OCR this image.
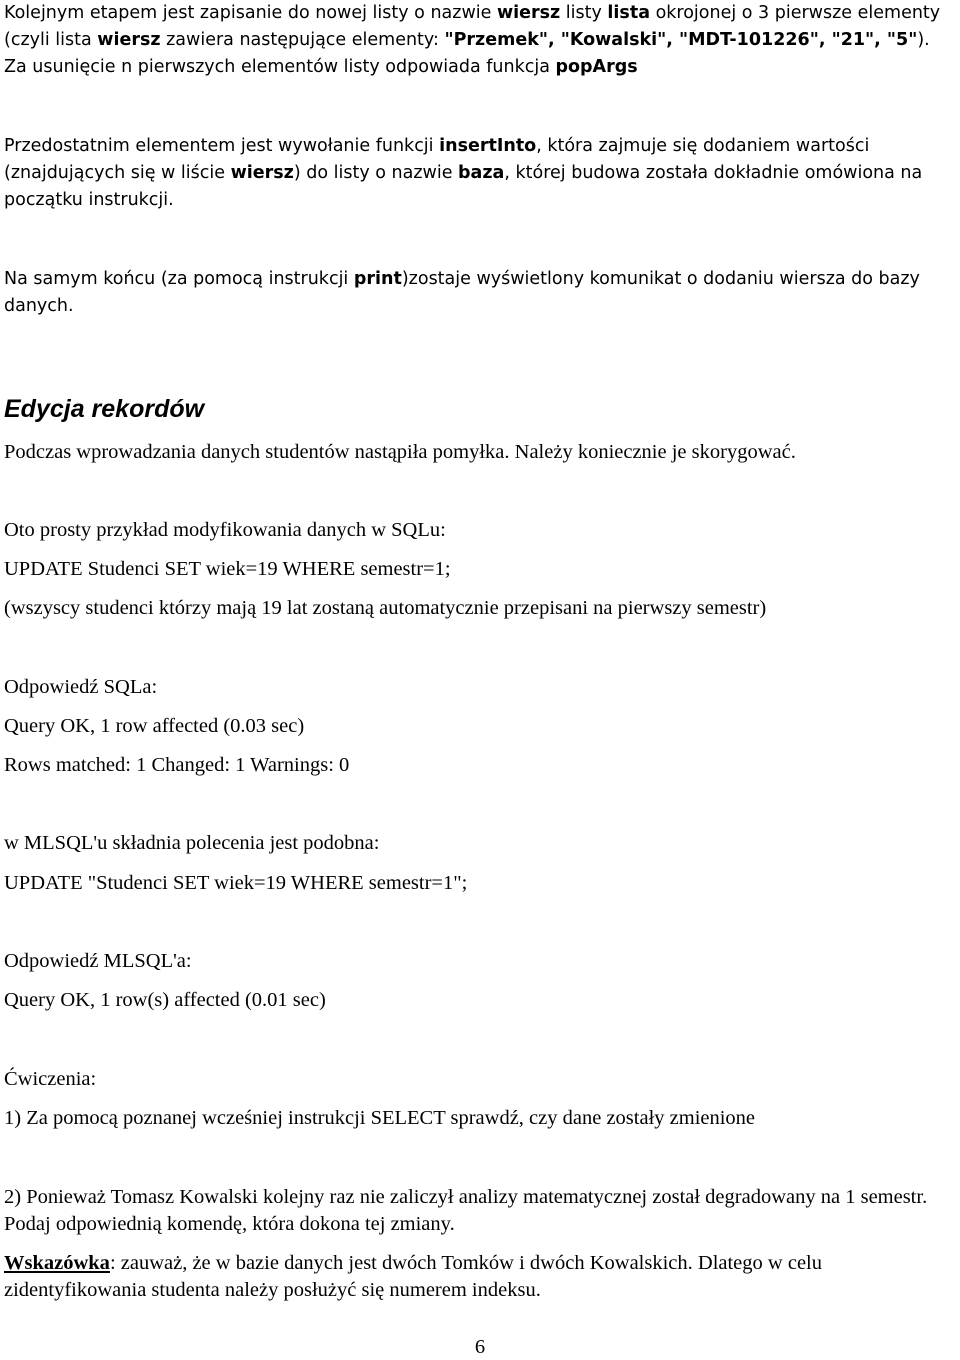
Kolejnym etapem jest zapisanie do nowej listy o nazwie wiersz listy lista okrojonej o 3 pierwsze elementy (czyli lista wiersz zawiera następujące elementy: "Przemek", "Kowalski", "MDT-101226", "21", "5"). Za usunięcie n pierwszych elementów listy odpowiada funkcja popArgs
Przedostatnim elementem jest wywołanie funkcji insertInto, która zajmuje się dodaniem wartości (znajdujących się w liście wiersz) do listy o nazwie baza, której budowa została dokładnie omówiona na początku instrukcji.
Na samym końcu (za pomocą instrukcji print)zostaje wyświetlony komunikat o dodaniu wiersza do bazy danych.
Edycja rekordów
Podczas wprowadzania danych studentów nastąpiła pomyłka. Należy koniecznie je skorygować.
Oto prosty przykład modyfikowania danych w SQLu:
UPDATE Studenci SET wiek=19 WHERE semestr=1;
(wszyscy studenci którzy mają 19 lat zostaną automatycznie przepisani na pierwszy semestr)
Odpowiedź SQLa:
Query OK, 1 row affected (0.03 sec)
Rows matched: 1 Changed: 1 Warnings: 0
w MLSQL'u składnia polecenia jest podobna:
UPDATE "Studenci SET wiek=19 WHERE semestr=1";
Odpowiedź MLSQL'a:
Query OK, 1 row(s) affected (0.01 sec)
Ćwiczenia:
1) Za pomocą poznanej wcześniej instrukcji SELECT sprawdź, czy dane zostały zmienione
2) Ponieważ Tomasz Kowalski kolejny raz nie zaliczył analizy matematycznej został degradowany na 1 semestr. Podaj odpowiednią komendę, która dokona tej zmiany.
Wskazówka: zauważ, że w bazie danych jest dwóch Tomków i dwóch Kowalskich. Dlatego w celu zidentyfikowania studenta należy posłużyć się numerem indeksu.
6
